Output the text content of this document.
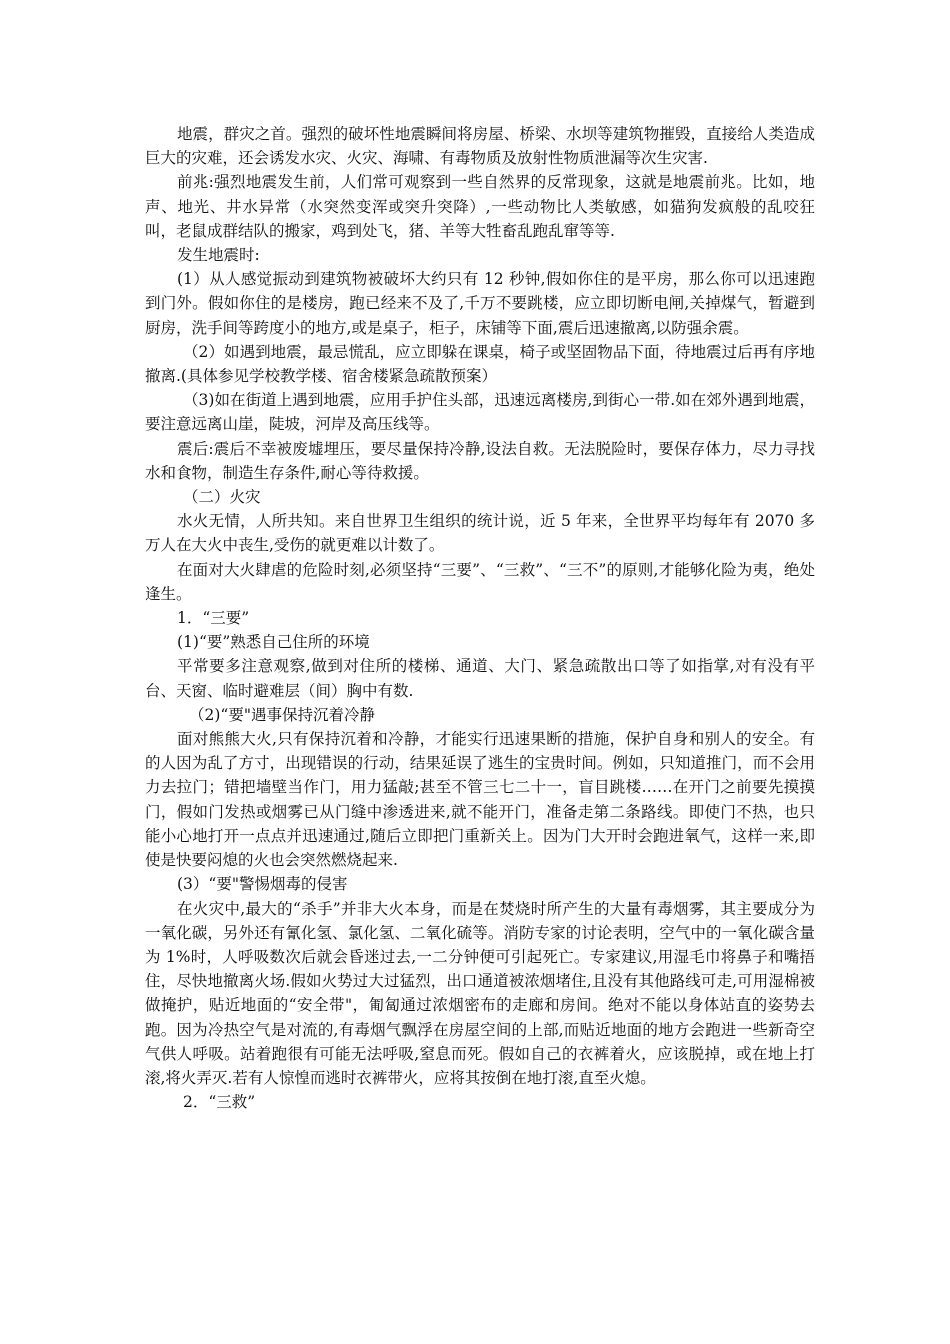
地震，群灾之首。强烈的破坏性地震瞬间将房屋、桥梁、水坝等建筑物摧毁，直接给人类造成巨大的灾难，还会诱发水灾、火灾、海啸、有毒物质及放射性物质泄漏等次生灾害.

前兆:强烈地震发生前，人们常可观察到一些自然界的反常现象，这就是地震前兆。比如，地声、地光、井水异常（水突然变浑或突升突降）,一些动物比人类敏感，如猫狗发疯般的乱咬狂叫，老鼠成群结队的搬家，鸡到处飞，猪、羊等大牲畜乱跑乱窜等等.

发生地震时:

(1）从人感觉振动到建筑物被破坏大约只有 12 秒钟,假如你住的是平房，那么你可以迅速跑到门外。假如你住的是楼房，跑已经来不及了,千万不要跳楼，应立即切断电闸,关掉煤气，暂避到厨房，洗手间等跨度小的地方,或是桌子，柜子，床铺等下面,震后迅速撤离,以防强余震。

（2）如遇到地震，最忌慌乱，应立即躲在课桌，椅子或坚固物品下面，待地震过后再有序地撤离.(具体参见学校教学楼、宿舍楼紧急疏散预案）

（3)如在街道上遇到地震，应用手护住头部，迅速远离楼房,到街心一带.如在郊外遇到地震，要注意远离山崖，陡坡，河岸及高压线等。

震后:震后不幸被废墟埋压，要尽量保持冷静,设法自救。无法脱险时，要保存体力，尽力寻找水和食物，制造生存条件,耐心等待救援。

（二）火灾

水火无情，人所共知。来自世界卫生组织的统计说，近 5 年来，全世界平均每年有 2070 多万人在大火中丧生,受伤的就更难以计数了。

在面对大火肆虐的危险时刻,必须坚持“三要”、“三救”、“三不”的原则,才能够化险为夷，绝处逢生。

1．“三要”

(1)“要”熟悉自己住所的环境

平常要多注意观察,做到对住所的楼梯、通道、大门、紧急疏散出口等了如指掌,对有没有平台、天窗、临时避难层（间）胸中有数.

（2)“要"遇事保持沉着冷静

面对熊熊大火,只有保持沉着和冷静，才能实行迅速果断的措施，保护自身和别人的安全。有的人因为乱了方寸，出现错误的行动，结果延误了逃生的宝贵时间。例如，只知道推门，而不会用力去拉门；错把墙壁当作门，用力猛敲;甚至不管三七二十一，盲目跳楼……在开门之前要先摸摸门，假如门发热或烟雾已从门缝中渗透进来,就不能开门，准备走第二条路线。即使门不热，也只能小心地打开一点点并迅速通过,随后立即把门重新关上。因为门大开时会跑进氧气，这样一来,即使是快要闷熄的火也会突然燃烧起来.

(3）“要"警惕烟毒的侵害

在火灾中,最大的“杀手”并非大火本身，而是在焚烧时所产生的大量有毒烟雾，其主要成分为一氧化碳，另外还有氰化氢、氯化氢、二氧化硫等。消防专家的讨论表明，空气中的一氧化碳含量为 1%时，人呼吸数次后就会昏迷过去,一二分钟便可引起死亡。专家建议,用湿毛巾将鼻子和嘴捂住，尽快地撤离火场.假如火势过大过猛烈，出口通道被浓烟堵住,且没有其他路线可走,可用湿棉被做掩护，贴近地面的“安全带"，匍匐通过浓烟密布的走廊和房间。绝对不能以身体站直的姿势去跑。因为冷热空气是对流的,有毒烟气飘浮在房屋空间的上部,而贴近地面的地方会跑进一些新奇空气供人呼吸。站着跑很有可能无法呼吸,窒息而死。假如自己的衣裤着火，应该脱掉，或在地上打滚,将火弄灭.若有人惊惶而逃时衣裤带火，应将其按倒在地打滚,直至火熄。

2．“三救”
